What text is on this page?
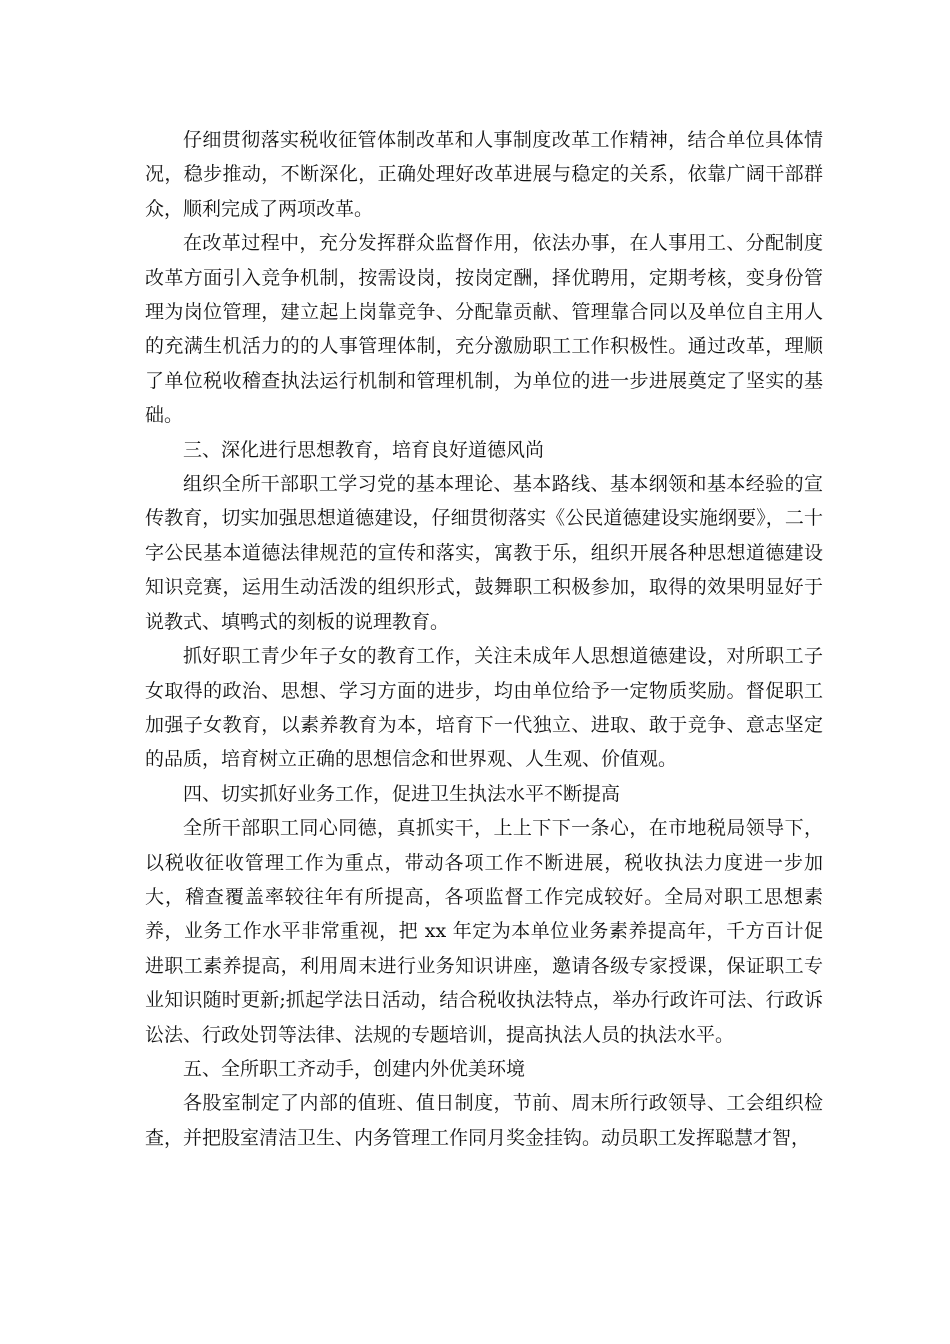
仔细贯彻落实税收征管体制改革和人事制度改革工作精神，结合单位具体情况，稳步推动，不断深化，正确处理好改革进展与稳定的关系，依靠广阔干部群众，顺利完成了两项改革。

在改革过程中，充分发挥群众监督作用，依法办事，在人事用工、分配制度改革方面引入竞争机制，按需设岗，按岗定酬，择优聘用，定期考核，变身份管理为岗位管理，建立起上岗靠竞争、分配靠贡献、管理靠合同以及单位自主用人的充满生机活力的的人事管理体制，充分激励职工工作积极性。通过改革，理顺了单位税收稽查执法运行机制和管理机制，为单位的进一步进展奠定了坚实的基础。

三、深化进行思想教育，培育良好道德风尚

组织全所干部职工学习党的基本理论、基本路线、基本纲领和基本经验的宣传教育，切实加强思想道德建设，仔细贯彻落实《公民道德建设实施纲要》，二十字公民基本道德法律规范的宣传和落实，寓教于乐，组织开展各种思想道德建设知识竞赛，运用生动活泼的组织形式，鼓舞职工积极参加，取得的效果明显好于说教式、填鸭式的刻板的说理教育。

抓好职工青少年子女的教育工作，关注未成年人思想道德建设，对所职工子女取得的政治、思想、学习方面的进步，均由单位给予一定物质奖励。督促职工加强子女教育，以素养教育为本，培育下一代独立、进取、敢于竞争、意志坚定的品质，培育树立正确的思想信念和世界观、人生观、价值观。

四、切实抓好业务工作，促进卫生执法水平不断提高

全所干部职工同心同德，真抓实干，上上下下一条心，在市地税局领导下，以税收征收管理工作为重点，带动各项工作不断进展，税收执法力度进一步加大，稽查覆盖率较往年有所提高，各项监督工作完成较好。全局对职工思想素养，业务工作水平非常重视，把 xx 年定为本单位业务素养提高年，千方百计促进职工素养提高，利用周末进行业务知识讲座，邀请各级专家授课，保证职工专业知识随时更新;抓起学法日活动，结合税收执法特点，举办行政许可法、行政诉讼法、行政处罚等法律、法规的专题培训，提高执法人员的执法水平。

五、全所职工齐动手，创建内外优美环境

各股室制定了内部的值班、值日制度，节前、周末所行政领导、工会组织检查，并把股室清洁卫生、内务管理工作同月奖金挂钩。动员职工发挥聪慧才智，
